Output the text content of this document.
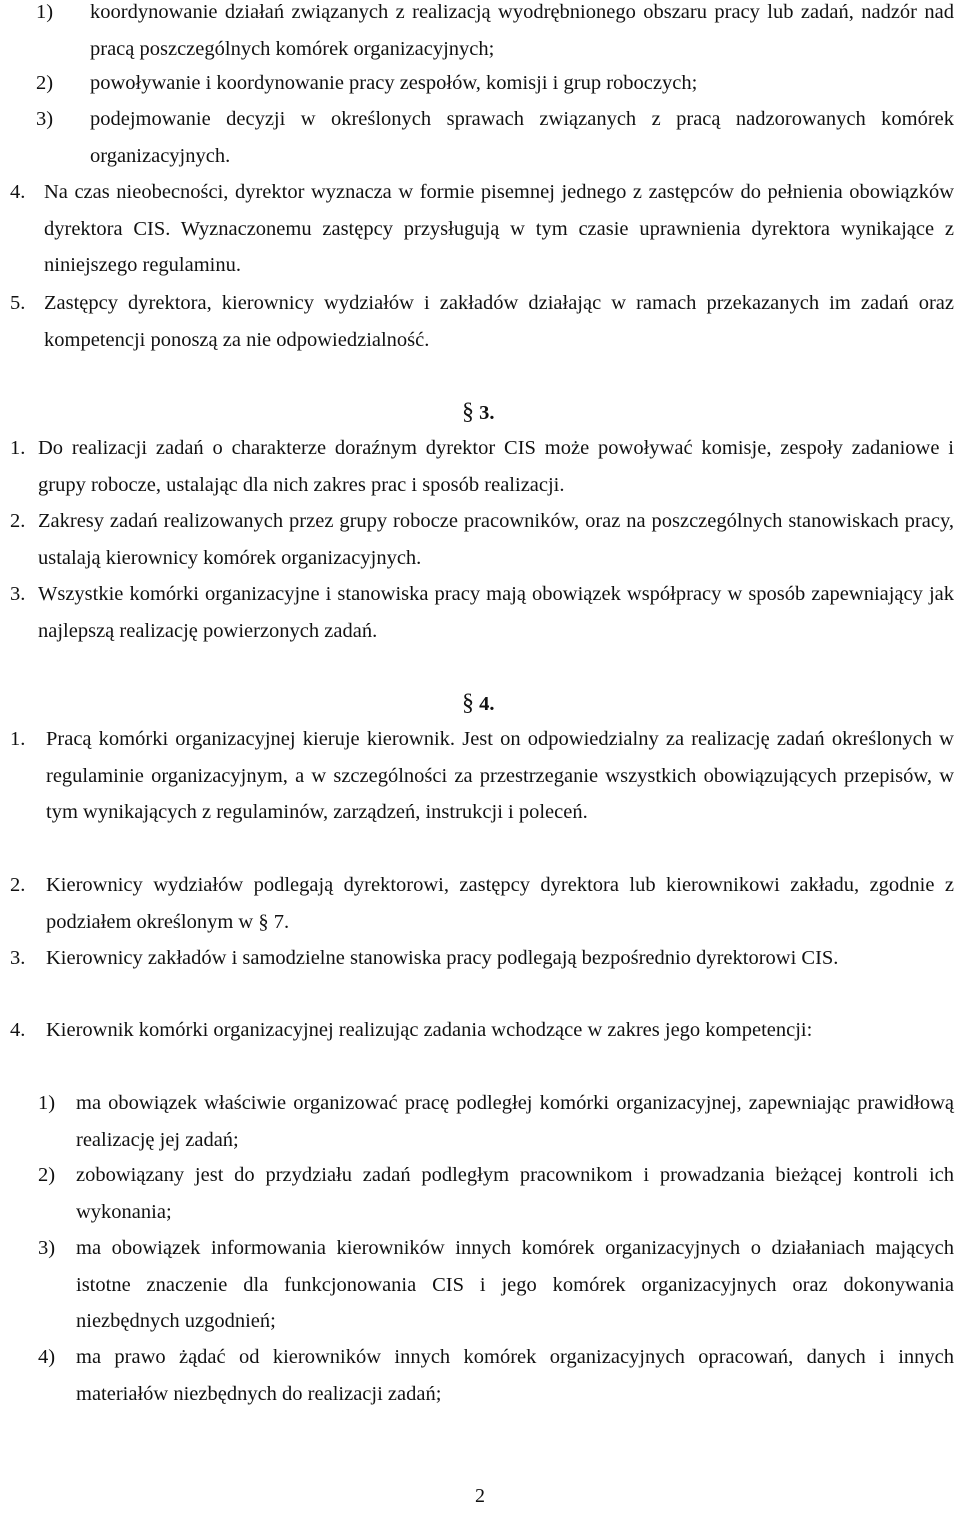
1) koordynowanie działań związanych z realizacją wyodrębnionego obszaru pracy lub zadań, nadzór nad pracą poszczególnych komórek organizacyjnych;
2) powoływanie i koordynowanie pracy zespołów, komisji i grup roboczych;
3) podejmowanie decyzji w określonych sprawach związanych z pracą nadzorowanych komórek organizacyjnych.
4. Na czas nieobecności, dyrektor wyznacza w formie pisemnej jednego z zastępców do pełnienia obowiązków dyrektora CIS. Wyznaczonemu zastępcy przysługują w tym czasie uprawnienia dyrektora wynikające z niniejszego regulaminu.
5. Zastępcy dyrektora, kierownicy wydziałów i zakładów działając w ramach przekazanych im zadań oraz kompetencji ponoszą za nie odpowiedzialność.
§ 3.
1. Do realizacji zadań o charakterze doraźnym dyrektor CIS może powoływać komisje, zespoły zadaniowe i grupy robocze, ustalając dla nich zakres prac i sposób realizacji.
2. Zakresy zadań realizowanych przez grupy robocze pracowników, oraz na poszczególnych stanowiskach pracy, ustalają kierownicy komórek organizacyjnych.
3. Wszystkie komórki organizacyjne i stanowiska pracy mają obowiązek współpracy w sposób zapewniający jak najlepszą realizację powierzonych zadań.
§ 4.
1. Pracą komórki organizacyjnej kieruje kierownik. Jest on odpowiedzialny za realizację zadań określonych w regulaminie organizacyjnym, a w szczególności za przestrzeganie wszystkich obowiązujących przepisów, w tym wynikających z regulaminów, zarządzeń, instrukcji i poleceń.
2. Kierownicy wydziałów podlegają dyrektorowi, zastępcy dyrektora lub kierownikowi zakładu, zgodnie z podziałem określonym w § 7.
3. Kierownicy zakładów i samodzielne stanowiska pracy podlegają bezpośrednio dyrektorowi CIS.
4. Kierownik komórki organizacyjnej realizując zadania wchodzące w zakres jego kompetencji:
1) ma obowiązek właściwie organizować pracę podległej komórki organizacyjnej, zapewniając prawidłową realizację jej zadań;
2) zobowiązany jest do przydziału zadań podległym pracownikom i prowadzania bieżącej kontroli ich wykonania;
3) ma obowiązek informowania kierowników innych komórek organizacyjnych o działaniach mających istotne znaczenie dla funkcjonowania CIS i jego komórek organizacyjnych oraz dokonywania niezbędnych uzgodnień;
4) ma prawo żądać od kierowników innych komórek organizacyjnych opracowań, danych i innych materiałów niezbędnych do realizacji zadań;
2
